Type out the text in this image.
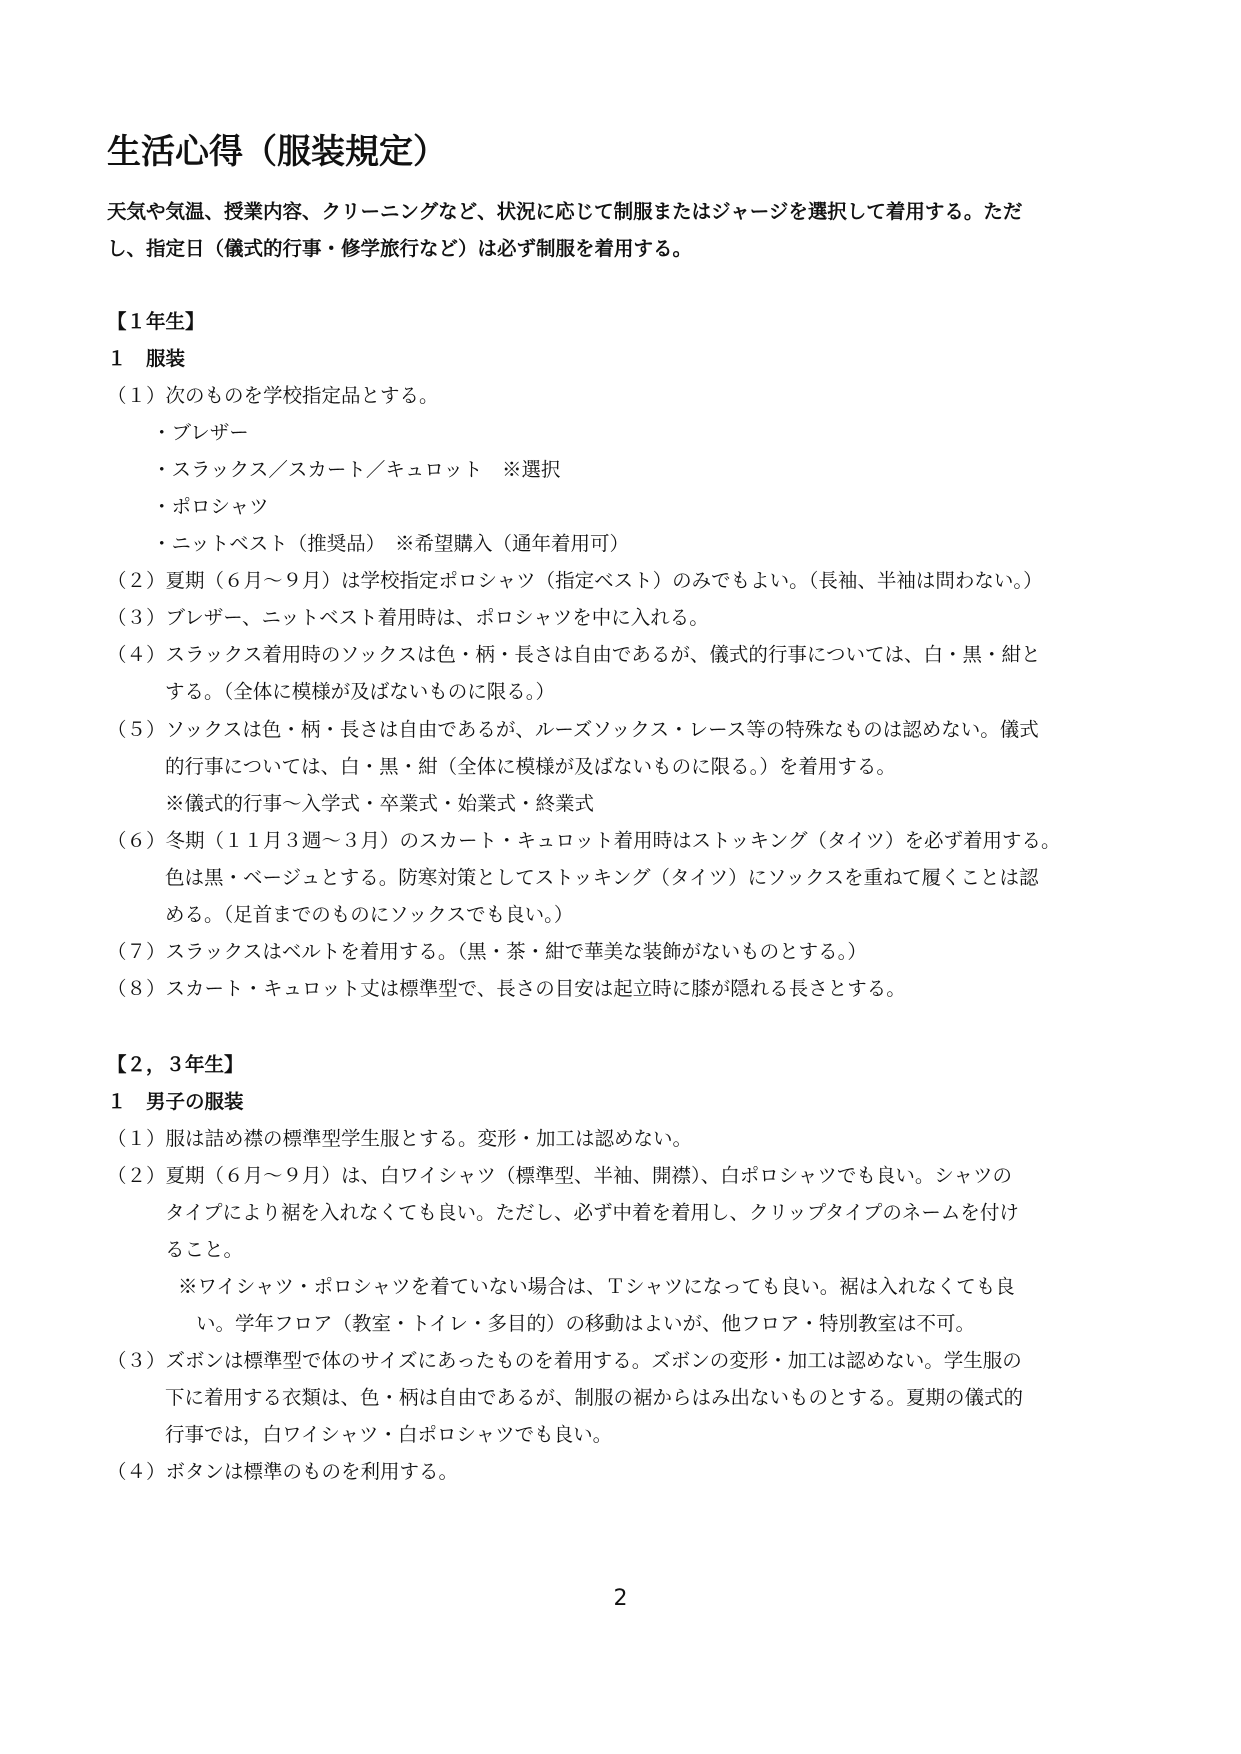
生活心得（服装規定）
天気や気温、授業内容、クリーニングなど、状況に応じて制服またはジャージを選択して着用する。ただ
し、指定日（儀式的行事・修学旅行など）は必ず制服を着用する。
【１年生】
１　服装
（１）次のものを学校指定品とする。
・ブレザー
・スラックス／スカート／キュロット　※選択
・ポロシャツ
・ニットベスト（推奨品）　※希望購入（通年着用可）
（２）夏期（６月～９月）は学校指定ポロシャツ（指定ベスト）のみでもよい。（長袖、半袖は問わない。）
（３）ブレザー、ニットベスト着用時は、ポロシャツを中に入れる。
（４）スラックス着用時のソックスは色・柄・長さは自由であるが、儀式的行事については、白・黒・紺と
する。（全体に模様が及ばないものに限る。）
（５）ソックスは色・柄・長さは自由であるが、ルーズソックス・レース等の特殊なものは認めない。儀式
的行事については、白・黒・紺（全体に模様が及ばないものに限る。）を着用する。
※儀式的行事～入学式・卒業式・始業式・終業式
（６）冬期（１１月３週～３月）のスカート・キュロット着用時はストッキング（タイツ）を必ず着用する。
色は黒・ベージュとする。防寒対策としてストッキング（タイツ）にソックスを重ねて履くことは認
める。（足首までのものにソックスでも良い。）
（７）スラックスはベルトを着用する。（黒・茶・紺で華美な装飾がないものとする。）
（８）スカート・キュロット丈は標準型で、長さの目安は起立時に膝が隠れる長さとする。
【２，３年生】
１　男子の服装
（１）服は詰め襟の標準型学生服とする。変形・加工は認めない。
（２）夏期（６月～９月）は、白ワイシャツ（標準型、半袖、開襟）、白ポロシャツでも良い。シャツの
タイプにより裾を入れなくても良い。ただし、必ず中着を着用し、クリップタイプのネームを付け
ること。
※ワイシャツ・ポロシャツを着ていない場合は、Ｔシャツになっても良い。裾は入れなくても良
い。学年フロア（教室・トイレ・多目的）の移動はよいが、他フロア・特別教室は不可。
（３）ズボンは標準型で体のサイズにあったものを着用する。ズボンの変形・加工は認めない。学生服の
下に着用する衣類は、色・柄は自由であるが、制服の裾からはみ出ないものとする。夏期の儀式的
行事では，白ワイシャツ・白ポロシャツでも良い。
（４）ボタンは標準のものを利用する。
2
